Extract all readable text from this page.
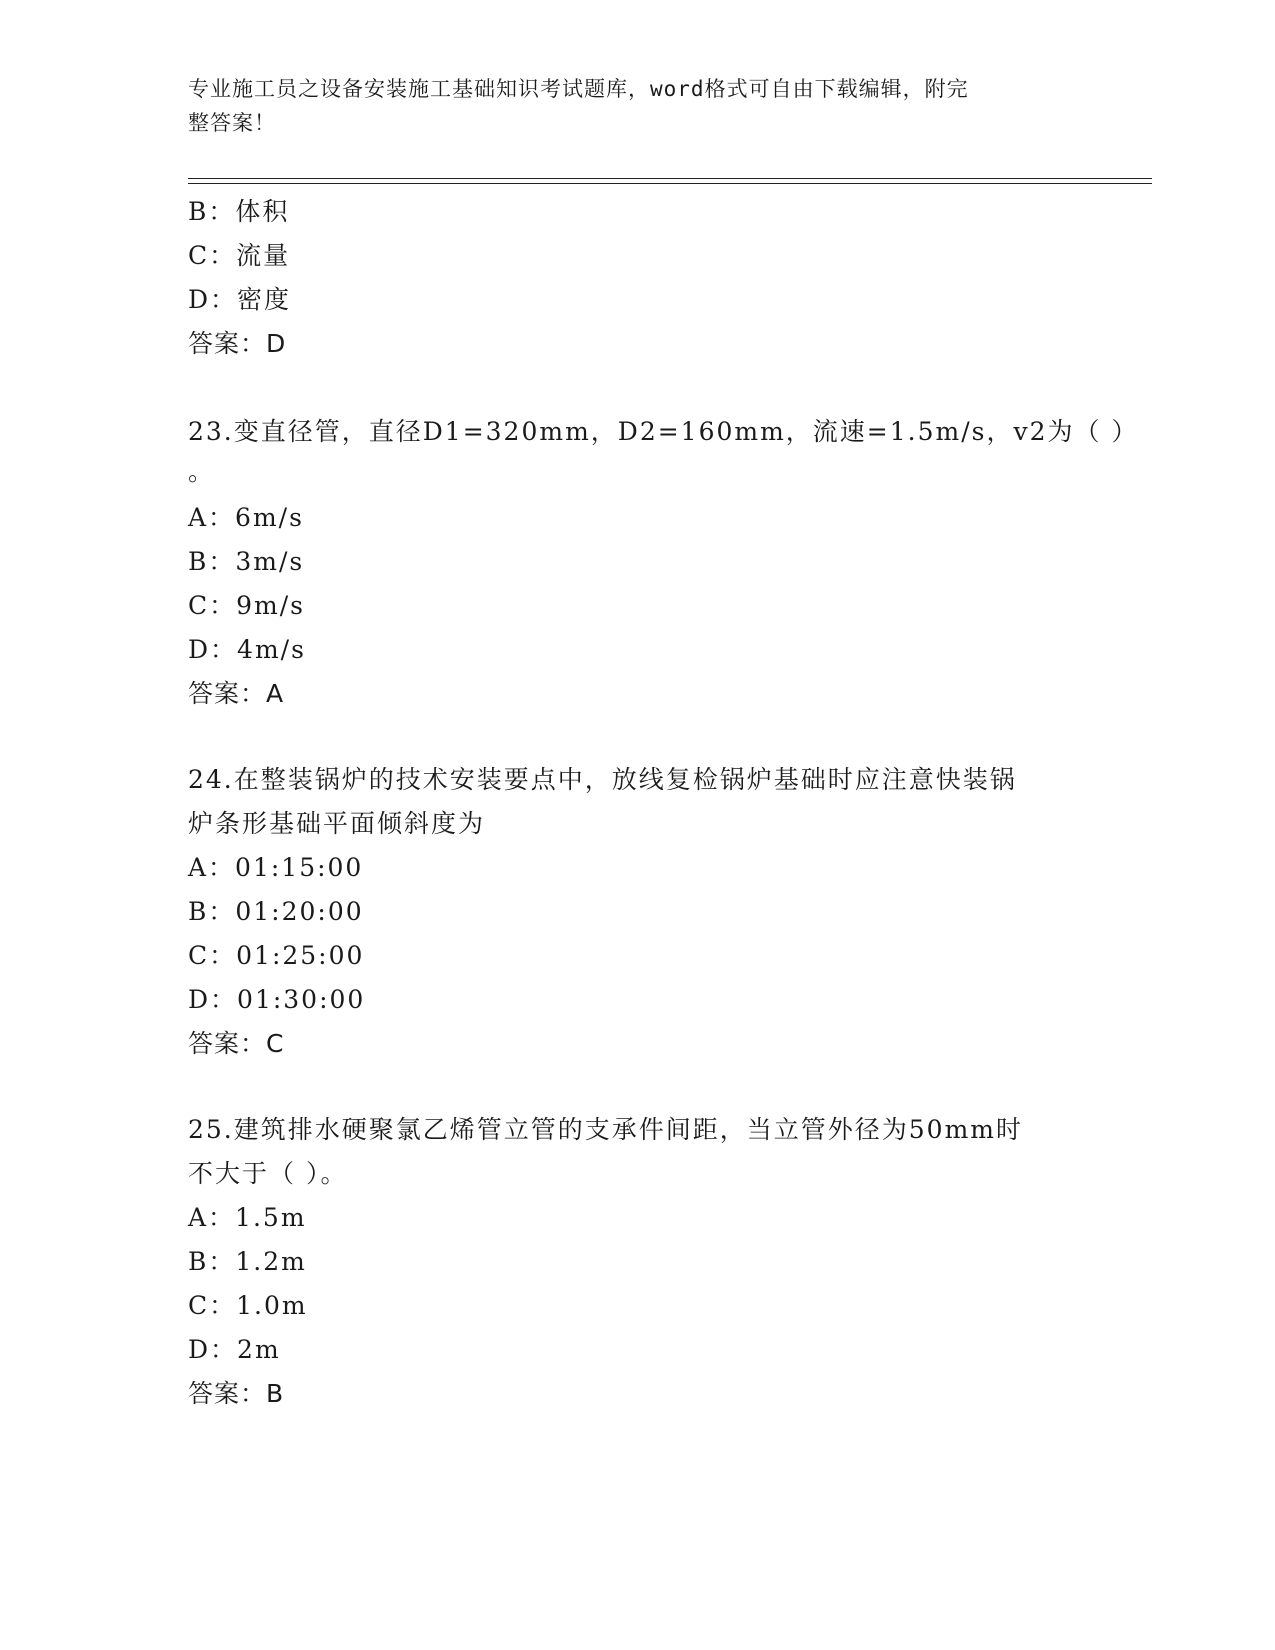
专业施工员之设备安装施工基础知识考试题库，word格式可自由下载编辑，附完
整答案！
B：体积
C：流量
D：密度
答案：D
23.变直径管，直径D1=320mm，D2=160mm，流速=1.5m/s，v2为（ ）
。
A：6m/s
B：3m/s
C：9m/s
D：4m/s
答案：A
24.在整装锅炉的技术安装要点中，放线复检锅炉基础时应注意快装锅
炉条形基础平面倾斜度为
A：01:15:00
B：01:20:00
C：01:25:00
D：01:30:00
答案：C
25.建筑排水硬聚氯乙烯管立管的支承件间距，当立管外径为50mm时
不大于（ ）。
A：1.5m
B：1.2m
C：1.0m
D：2m
答案：B
